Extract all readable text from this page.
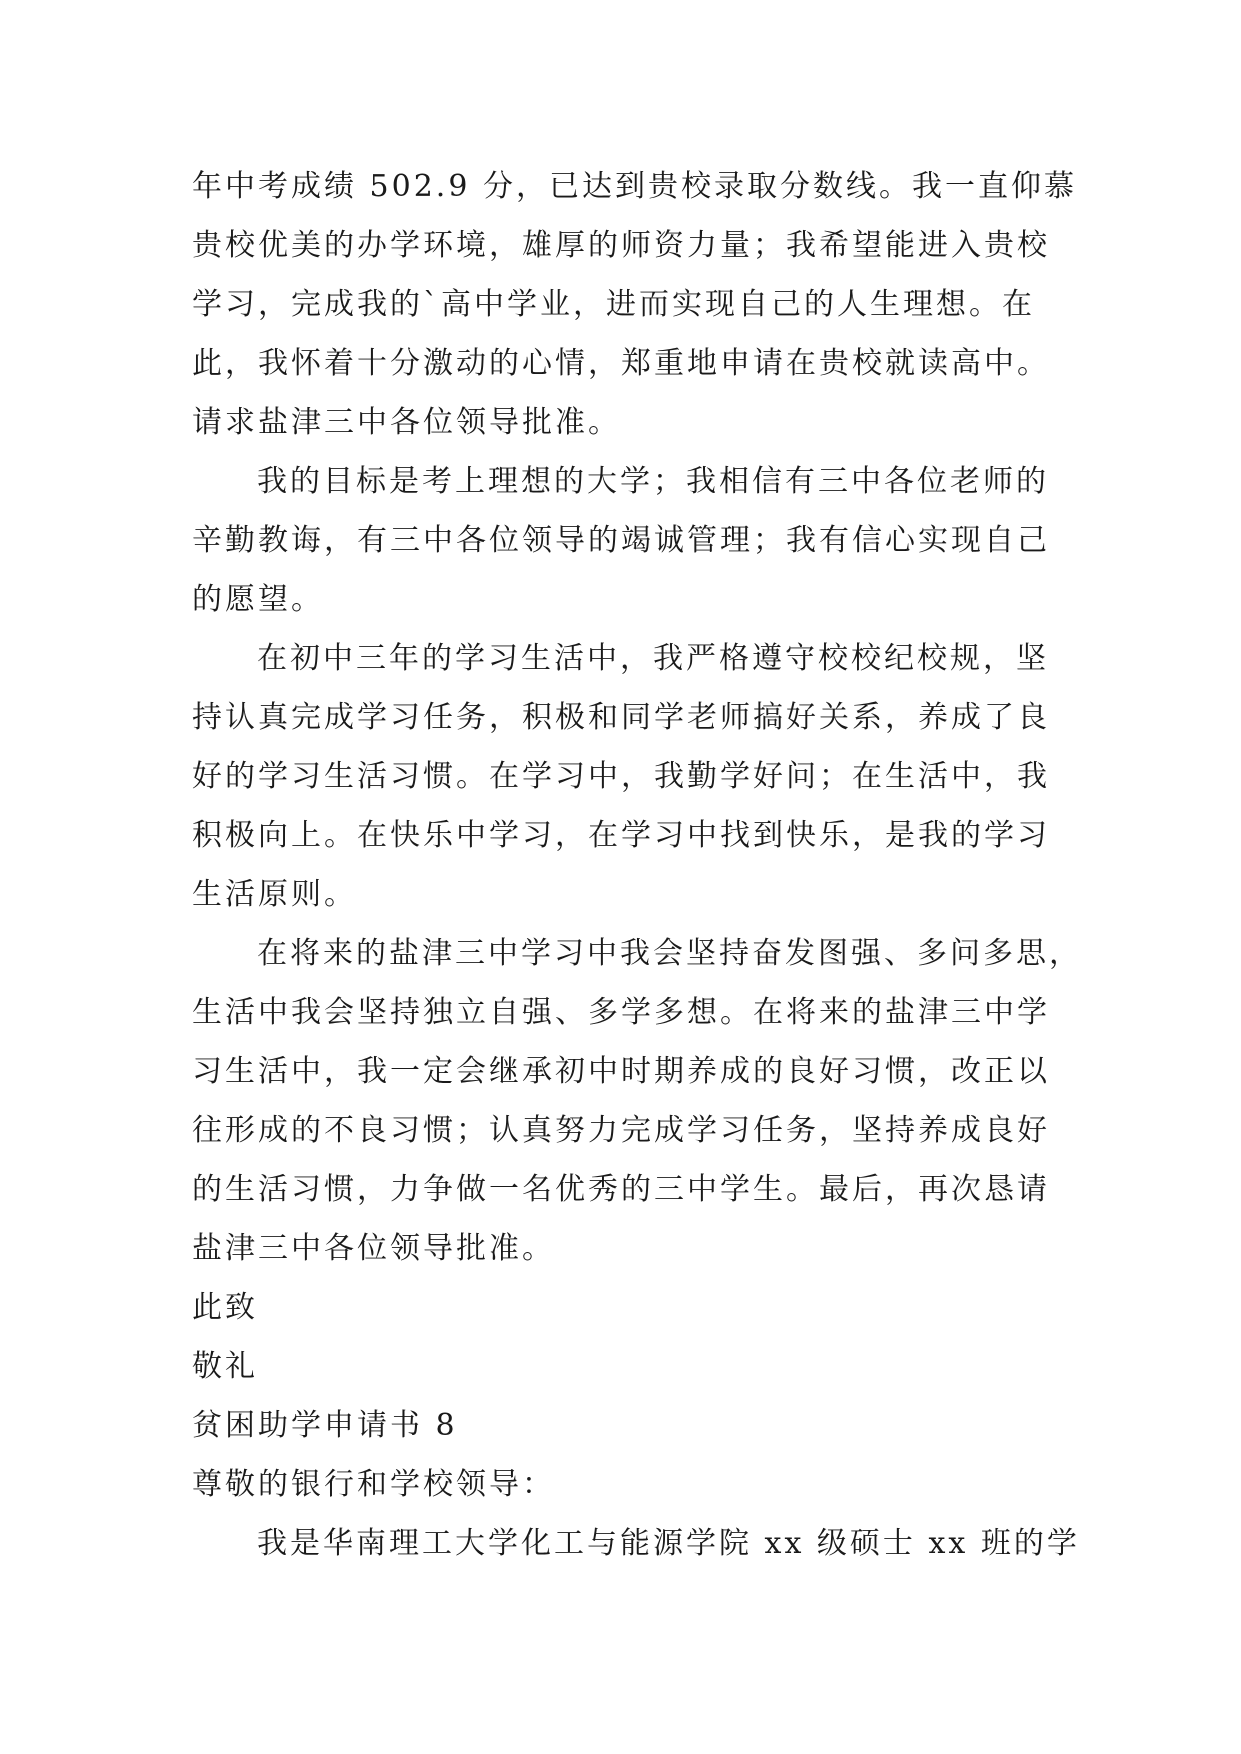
年中考成绩 502.9 分，已达到贵校录取分数线。我一直仰慕
贵校优美的办学环境，雄厚的师资力量；我希望能进入贵校
学习，完成我的`高中学业，进而实现自己的人生理想。在
此，我怀着十分激动的心情，郑重地申请在贵校就读高中。
请求盐津三中各位领导批准。
我的目标是考上理想的大学；我相信有三中各位老师的
辛勤教诲，有三中各位领导的竭诚管理；我有信心实现自己
的愿望。
在初中三年的学习生活中，我严格遵守校校纪校规，坚
持认真完成学习任务，积极和同学老师搞好关系，养成了良
好的学习生活习惯。在学习中，我勤学好问；在生活中，我
积极向上。在快乐中学习，在学习中找到快乐，是我的学习
生活原则。
在将来的盐津三中学习中我会坚持奋发图强、多问多思，
生活中我会坚持独立自强、多学多想。在将来的盐津三中学
习生活中，我一定会继承初中时期养成的良好习惯，改正以
往形成的不良习惯；认真努力完成学习任务，坚持养成良好
的生活习惯，力争做一名优秀的三中学生。最后，再次恳请
盐津三中各位领导批准。
此致
敬礼
贫困助学申请书 8
尊敬的银行和学校领导：
我是华南理工大学化工与能源学院 xx 级硕士 xx 班的学
